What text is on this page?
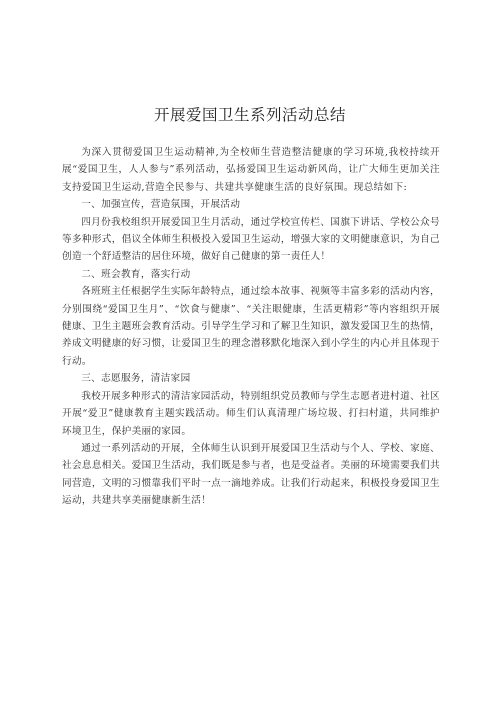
开展爱国卫生系列活动总结

为深入贯彻爱国卫生运动精神,为全校师生营造整洁健康的学习环境,我校持续开展“爱国卫生，人人参与”系列活动，弘扬爱国卫生运动新风尚，让广大师生更加关注支持爱国卫生运动,营造全民参与、共建共享健康生活的良好氛围。现总结如下:

一、加强宣传，营造氛围，开展活动

四月份我校组织开展爱国卫生月活动，通过学校宣传栏、国旗下讲话、学校公众号等多种形式，倡议全体师生积极投入爱国卫生运动，增强大家的文明健康意识，为自己创造一个舒适整洁的居住环境，做好自己健康的第一责任人！

二、班会教育，落实行动

各班班主任根据学生实际年龄特点，通过绘本故事、视频等丰富多彩的活动内容，分别围绕“爱国卫生月”、“饮食与健康”、“关注眼健康，生活更精彩”等内容组织开展健康、卫生主题班会教育活动。引导学生学习和了解卫生知识，激发爱国卫生的热情，养成文明健康的好习惯，让爱国卫生的理念潜移默化地深入到小学生的内心并且体现于行动。

三、志愿服务，清洁家园

我校开展多种形式的清洁家园活动，特别组织党员教师与学生志愿者进村道、社区开展“爱卫”健康教育主题实践活动。师生们认真清理广场垃圾、打扫村道，共同维护环境卫生，保护美丽的家园。

通过一系列活动的开展，全体师生认识到开展爱国卫生活动与个人、学校、家庭、社会息息相关。爱国卫生活动，我们既是参与者，也是受益者。美丽的环境需要我们共同营造，文明的习惯靠我们平时一点一滴地养成。让我们行动起来，积极投身爱国卫生运动，共建共享美丽健康新生活！
